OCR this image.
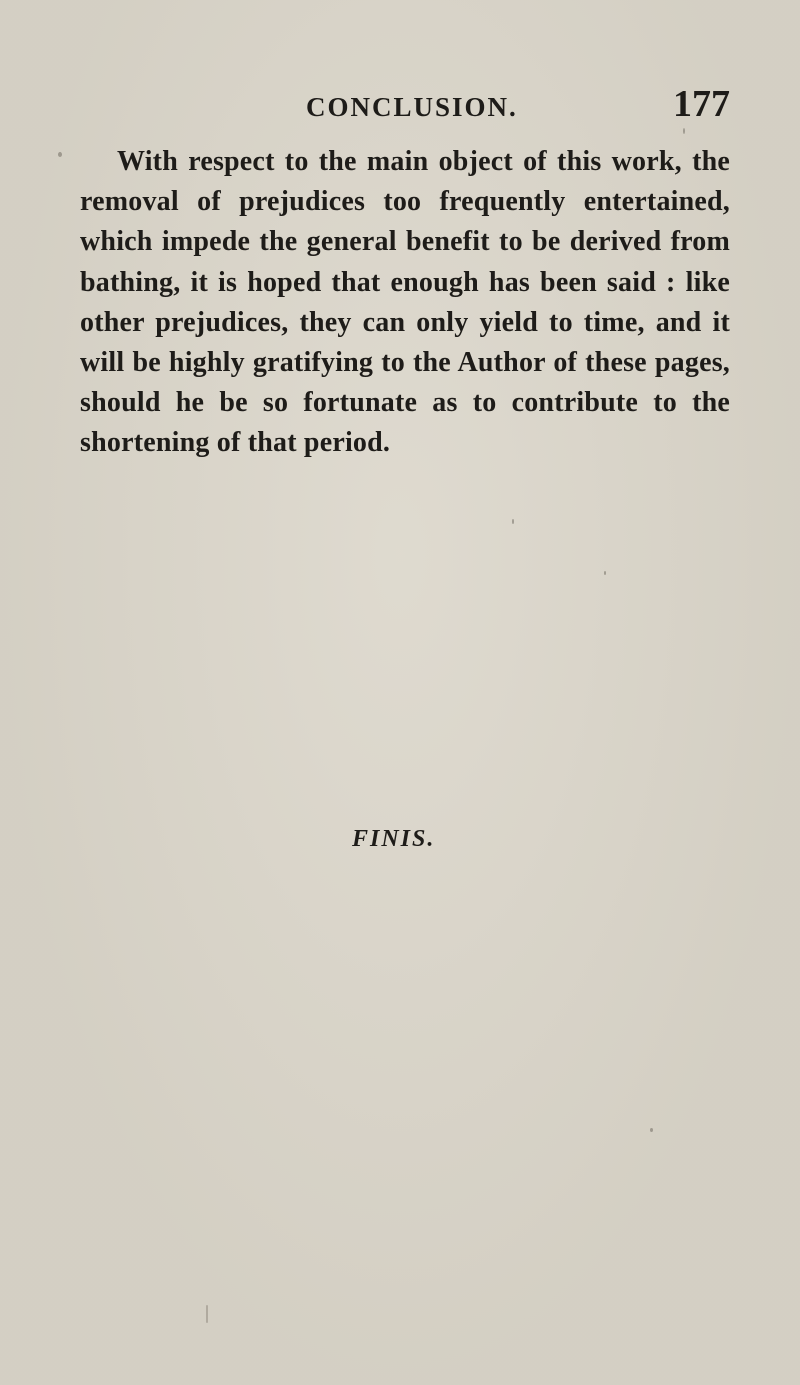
CONCLUSION.	177

With respect to the main object of this work, the removal of prejudices too frequently entertained, which impede the general benefit to be derived from bathing, it is hoped that enough has been said : like other prejudices, they can only yield to time, and it will be highly gratifying to the Author of these pages, should he be so fortunate as to contribute to the shortening of that period.

FINIS.
